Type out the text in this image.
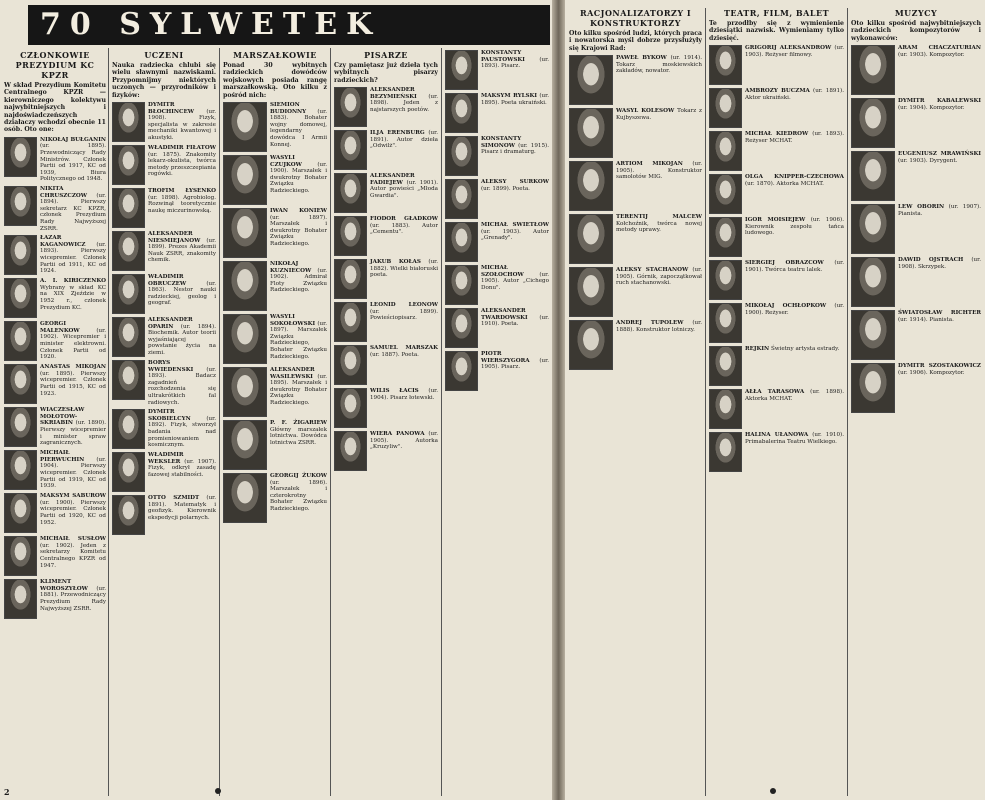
70 SYLWETEK
CZŁONKOWIE PREZYDIUM KC KPZR
W skład Prezydium Komitetu Centralnego KPZR — kierowniczego kolektywu najwybitniejszych i najdoświadczeńszych działaczy wchodzi obecnie 11 osób. Oto one:
NIKOŁAJ BUŁGANIN (ur. 1895). Przewodniczący Rady Ministrów. Członek Partii od 1917, KC od 1939, Biura Politycznego od 1948.
NIKITA CHRUSZCZOW (ur. 1894). Pierwszy sekretarz KC KPZR, członek Prezydium Rady Najwyższej ZSRR.
ŁAZAR KAGANOWICZ (ur. 1893). Pierwszy wicepremier. Członek Partii od 1911, KC od 1924.
A. I. KIRICZENKO Wybrany w skład KC na XIX Zjeździe w 1952 r., członek Prezydium KC.
GEORGI MALENKOW	(ur. 1902). Wicepremier i minister elektrowni. Członek Partii od 1920.
ANASTAS MIKOJAN (ur. 1895). Pierwszy wicepremier. Członek Partii od 1915, KC od 1923.
WIACZESŁAW MOŁOTOW-SKRIABIN (ur. 1890). Pierwszy wicepremier i minister spraw zagranicznych.
MICHAIŁ PIERWUCHIN (ur. 1904). Pierwszy wicepremier. Członek Partii od 1919, KC od 1939.
MAKSYM SABUROW (ur. 1900). Pierwszy wicepremier. Członek Partii od 1920, KC od 1952.
MICHAIŁ SUSŁOW (ur. 1902). Jeden z sekretarzy Komitetu Centralnego KPZR od 1947.
KLIMENT WOROSZYŁOW (ur. 1881). Przewodniczący Prezydium Rady Najwyższej ZSRR.
UCZENI
Nauka radziecka chlubi się wielu sławnymi nazwiskami. Przypomnijmy niektórych uczonych — przyrodników i fizyków:
DYMITR BŁOCHINCEW (ur. 1908). Fizyk, specjalista w zakresie mechaniki kwantowej i akustyki.
WŁADIMIR FIŁATOW (ur. 1875). Znakomity lekarz-okulista, twórca metody przeszczepiania rogówki.
TROFIM ŁYSENKO (ur. 1898). Agrobiolog. Rozwinął teoretycznie naukę miczurinowską.
ALEKSANDER NIESMIEJANOW (ur. 1899). Prezes Akademii Nauk ZSRR, znakomity chemik.
WŁADIMIR OBRUCZEW	(ur. 1863). Nestor nauki radzieckiej, geolog i geograf.
ALEKSANDER OPARIN (ur. 1894). Biochemik. Autor teorii wyjaśniającej powstanie życia na ziemi.
BORYS WWIEDENSKI (ur. 1893). Badacz zagadnień rozchodzenia się ultrakrótkich fal radiowych.
DYMITR SKOBIELCYN	(ur. 1892). Fizyk, stworzył badania nad promieniowaniem kosmicznym.
WŁADIMIR WEKSLER (ur. 1907). Fizyk, odkrył zasadę fazowej stabilności.
OTTO SZMIDT (ur. 1891). Matematyk i geofizyk. Kierownik ekspedycji polarnych.
MARSZAŁKOWIE
Ponad 30 wybitnych radzieckich dowódców wojskowych posiada rangę marszałkowską. Oto kilku z pośród nich:
SIEMION BUDIONNY (ur. 1883). Bohater wojny domowej, legendarny dowódca I Armii Konnej.
WASYLI CZUJKOW	(ur. 1900). Marszałek i dwukrotny Bohater Związku Radzieckiego.
IWAN KONIEW (ur. 1897). Marszałek i dwukrotny Bohater Związku Radzieckiego.
NIKOŁAJ KUZNIECOW (ur. 1902). Admirał Floty Związku Radzieckiego.
WASYLI SOKOŁOWSKI (ur. 1897). Marszałek Związku Radzieckiego, Bohater Związku Radzieckiego.
ALEKSANDER WASILEWSKI (ur. 1895). Marszałek i dwukrotny Bohater Związku Radzieckiego.
P. F. ŻIGARIEW Główny marszałek lotnictwa. Dowódca lotnictwa ZSRR.
GEORGIJ ŻUKOW (ur. 1896). Marszałek i czterokrotny Bohater Związku Radzieckiego.
PISARZE
Czy pamiętasz już dzieła tych wybitnych pisarzy radzieckich?
ALEKSANDER BEZYMIEŃSKI (ur. 1898). Jeden z najstarszych poetów.
ILJA ERENBURG (ur. 1891). Autor dzieła „Odwilż".
ALEKSANDER FADIEJEW (ur. 1901). Autor powieści „Młoda Gwardia".
FIODOR GŁADKOW (ur. 1883). Autor „Cementu".
JAKUB KOŁAS (ur. 1882). Wielki białoruski poeta.
LEONID LEONOW (ur. 1899). Powieściopisarz.
SAMUEL MARSZAK (ur. 1887). Poeta.
WILIS ŁACIS (ur. 1904). Pisarz łotewski.
WIERA PANOWA (ur. 1905). Autorka „Kruzyliw".
KONSTANTY PAUSTOWSKI	(ur. 1893). Pisarz.
MAKSYM RYLSKI (ur. 1895). Poeta ukraiński.
KONSTANTY SIMONOW (ur. 1915). Pisarz i dramaturg.
ALEKSY SURKOW (ur. 1899). Poeta.
MICHAŁ SWIETŁOW (ur. 1903). Autor „Grenady".
MICHAŁ SZOŁOCHOW	(ur. 1905). Autor „Cichego Donu".
ALEKSANDER TWARDOWSKI (ur. 1910). Poeta.
PIOTR WIERSZYGORA (ur. 1905). Pisarz.
2
RACJONALIZATORZY I KONSTRUKTORZY
Oto kilku spośród ludzi, których praca i nowatorska myśl dobrze przysłużyły się Krajowi Rad:
PAWEŁ BYKOW (ur. 1914). Tokarz moskiewskich zakładów, nowator.
WASYL KOLESOW Tokarz z Kujbyszewa.
ARTIOM MIKOJAN (ur. 1905). Konstruktor samolotów MIG.
TERENTIJ MALCEW Kołchoźnik, twórca nowej metody uprawy.
ALEKSY STACHANOW (ur. 1905). Górnik, zapoczątkował ruch stachanowski.
ANDREJ TUPOLEW (ur. 1888). Konstruktor lotniczy.
TEATR, FILM, BALET
Te przodłby się z wymienienie dziesiątki nazwisk. Wymieniamy tylko dziesięć.
GRIGORIJ ALEKSANDROW (ur. 1903). Reżyser filmowy.
AMBROZY BUCZMA (ur. 1891). Aktor ukraiński.
MICHAŁ KIEDROW (ur. 1893). Reżyser MCHAT.
OLGA KNIPPER-CZECHOWA (ur. 1870). Aktorka MCHAT.
IGOR MOISIEJEW (ur. 1906). Kierownik zespołu tańca ludowego.
SIERGIEJ OBRAZCOW (ur. 1901). Twórca teatru lalek.
MIKOŁAJ OCHŁOPKOW (ur. 1900). Reżyser.
REJKIN Świetny artysta estrady.
AŁŁA TARASOWA (ur. 1898). Aktorka MCHAT.
HALINA UŁANOWA (ur. 1910). Primabalerina Teatru Wielkiego.
MUZYCY
Oto kilku spośród najwybitniejszych radzieckich kompozytorów i wykonawców:
ARAM CHACZATURIAN (ur. 1903). Kompozytor.
DYMITR KABALEWSKI (ur. 1904). Kompozytor.
EUGENIUSZ MRAWIŃSKI (ur. 1903). Dyrygent.
LEW OBORIN (ur. 1907). Pianista.
DAWID OJSTRACH (ur. 1908). Skrzypek.
ŚWIATOSŁAW RICHTER (ur. 1914). Pianista.
DYMITR SZOSTAKOWICZ (ur. 1906). Kompozytor.
